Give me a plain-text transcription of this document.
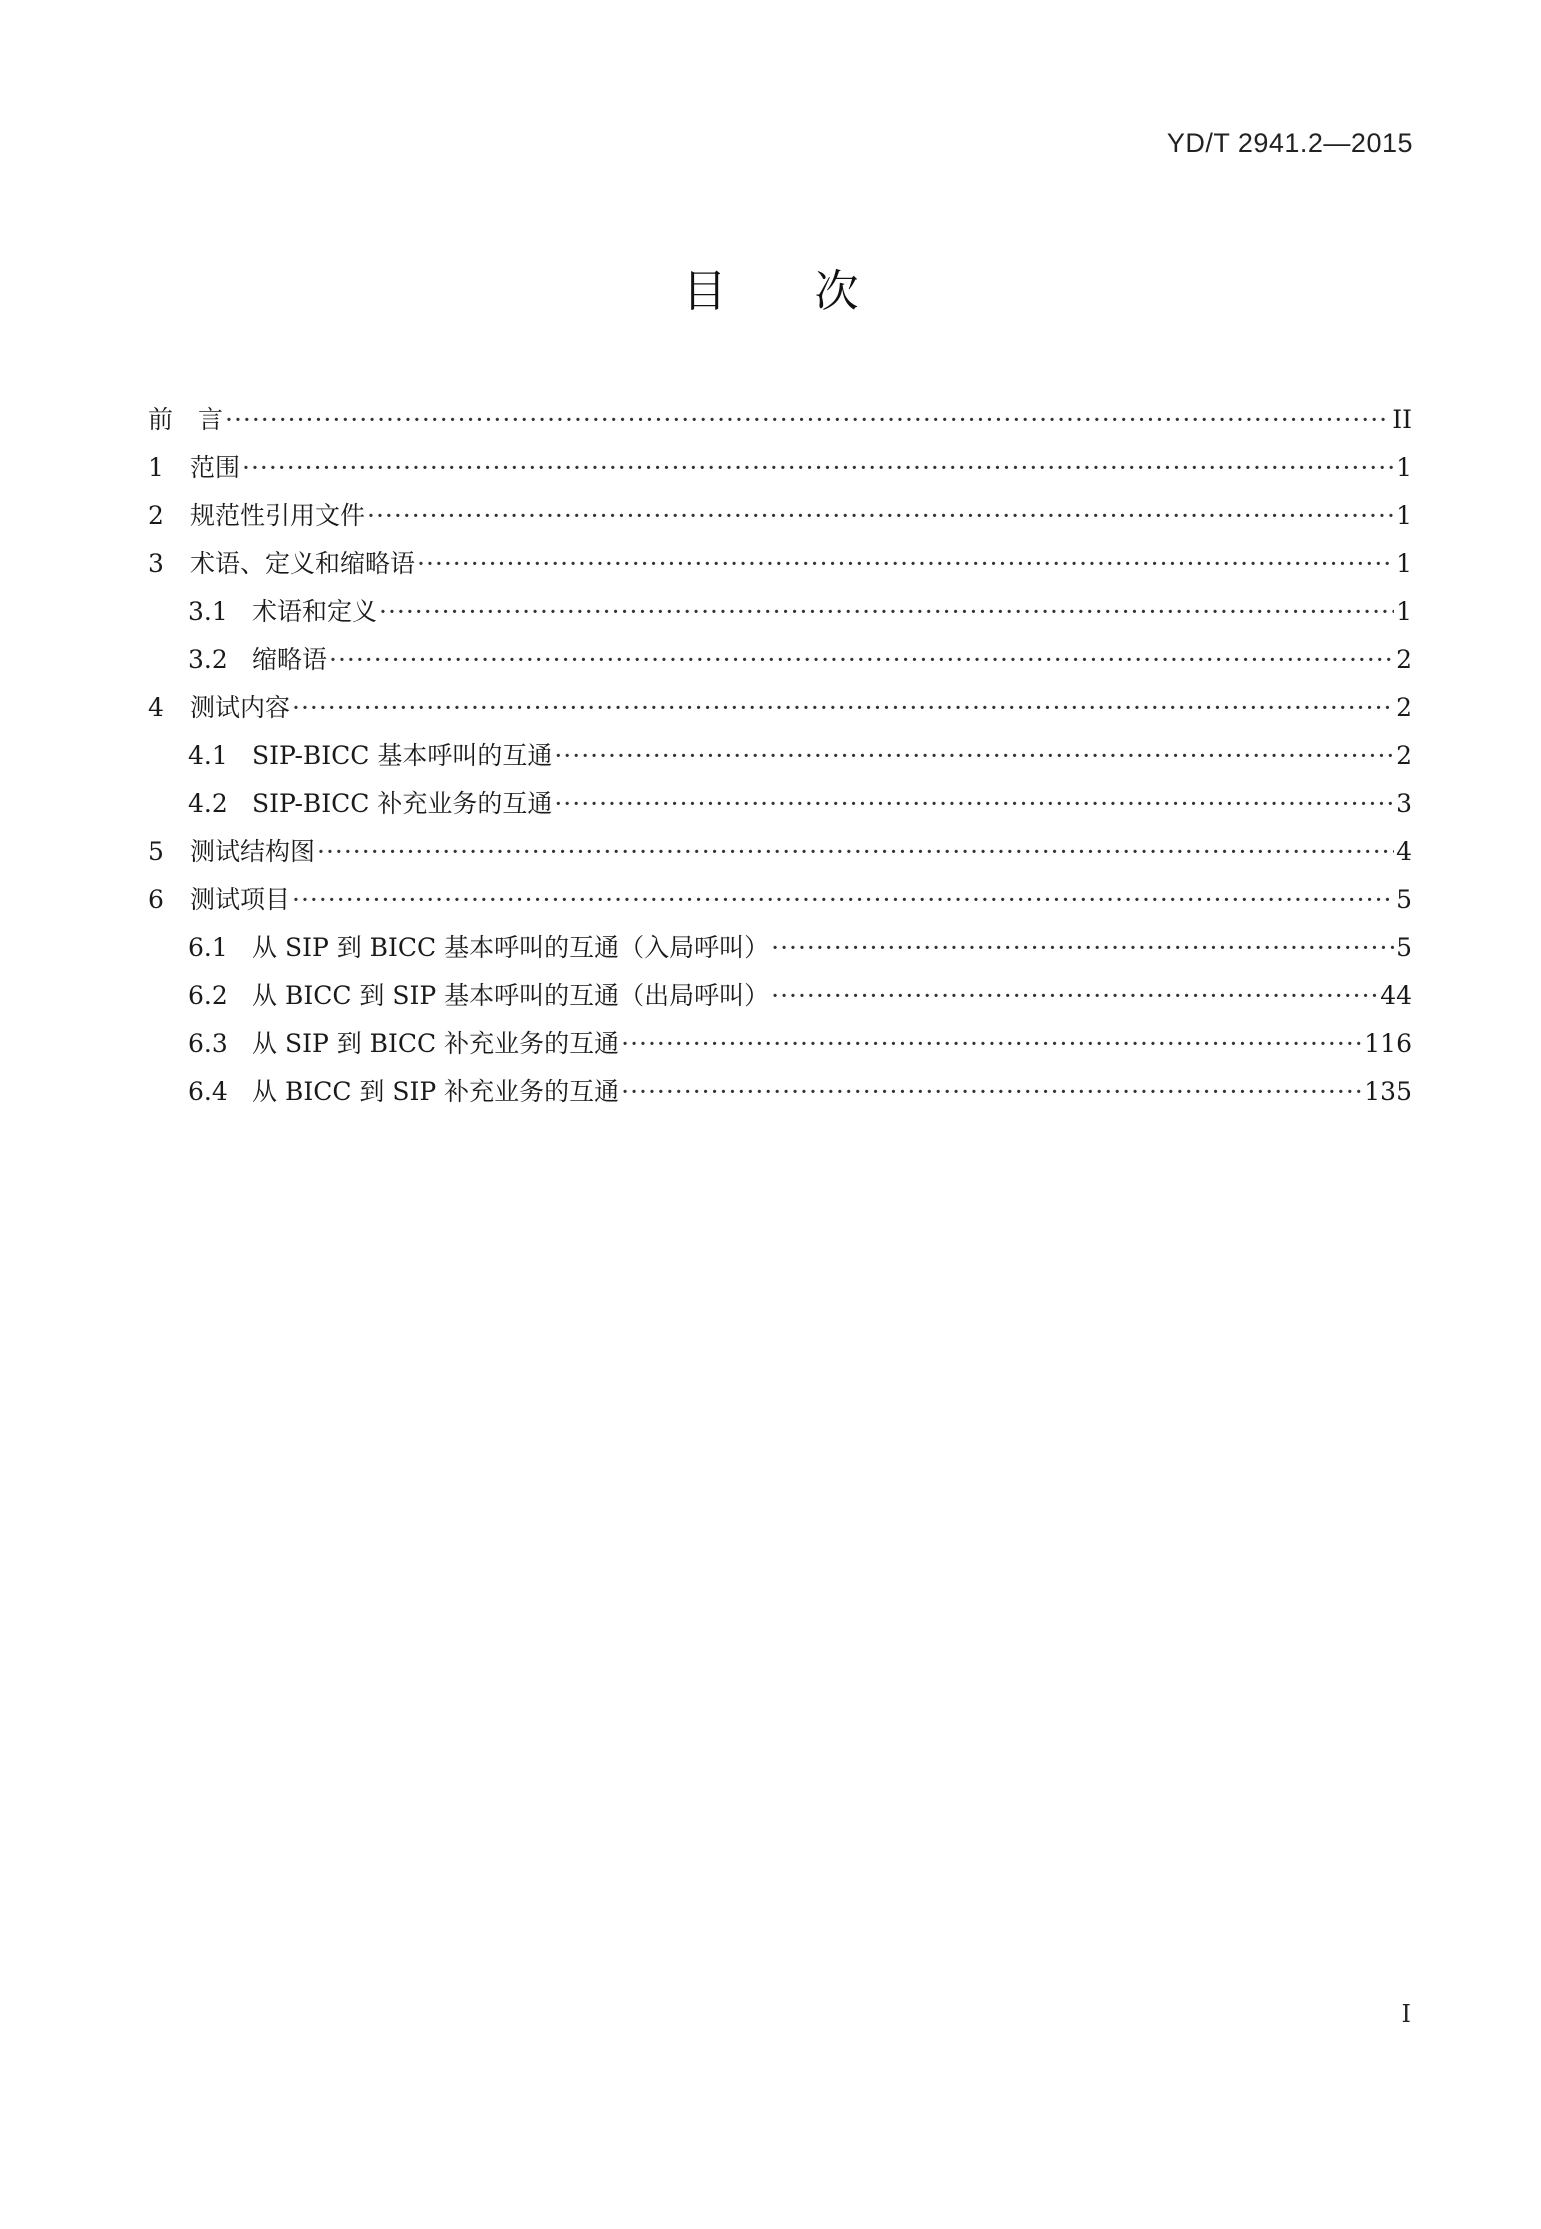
YD/T 2941.2—2015
目 次
前　言 ·····	II
1	范围 ·····	1
2	规范性引用文件 ·····	1
3	术语、定义和缩略语 ·····	1
3.1 术语和定义 ·····	1
3.2 缩略语 ·····	2
4	测试内容 ·····	2
4.1 SIP-BICC 基本呼叫的互通 ·····	2
4.2 SIP-BICC 补充业务的互通 ·····	3
5	测试结构图 ·····	4
6	测试项目 ·····	5
6.1 从 SIP 到 BICC 基本呼叫的互通（入局呼叫） ·····	5
6.2 从 BICC 到 SIP 基本呼叫的互通（出局呼叫） ·····	44
6.3 从 SIP 到 BICC 补充业务的互通 ·····	116
6.4 从 BICC 到 SIP 补充业务的互通 ·····	135
I
